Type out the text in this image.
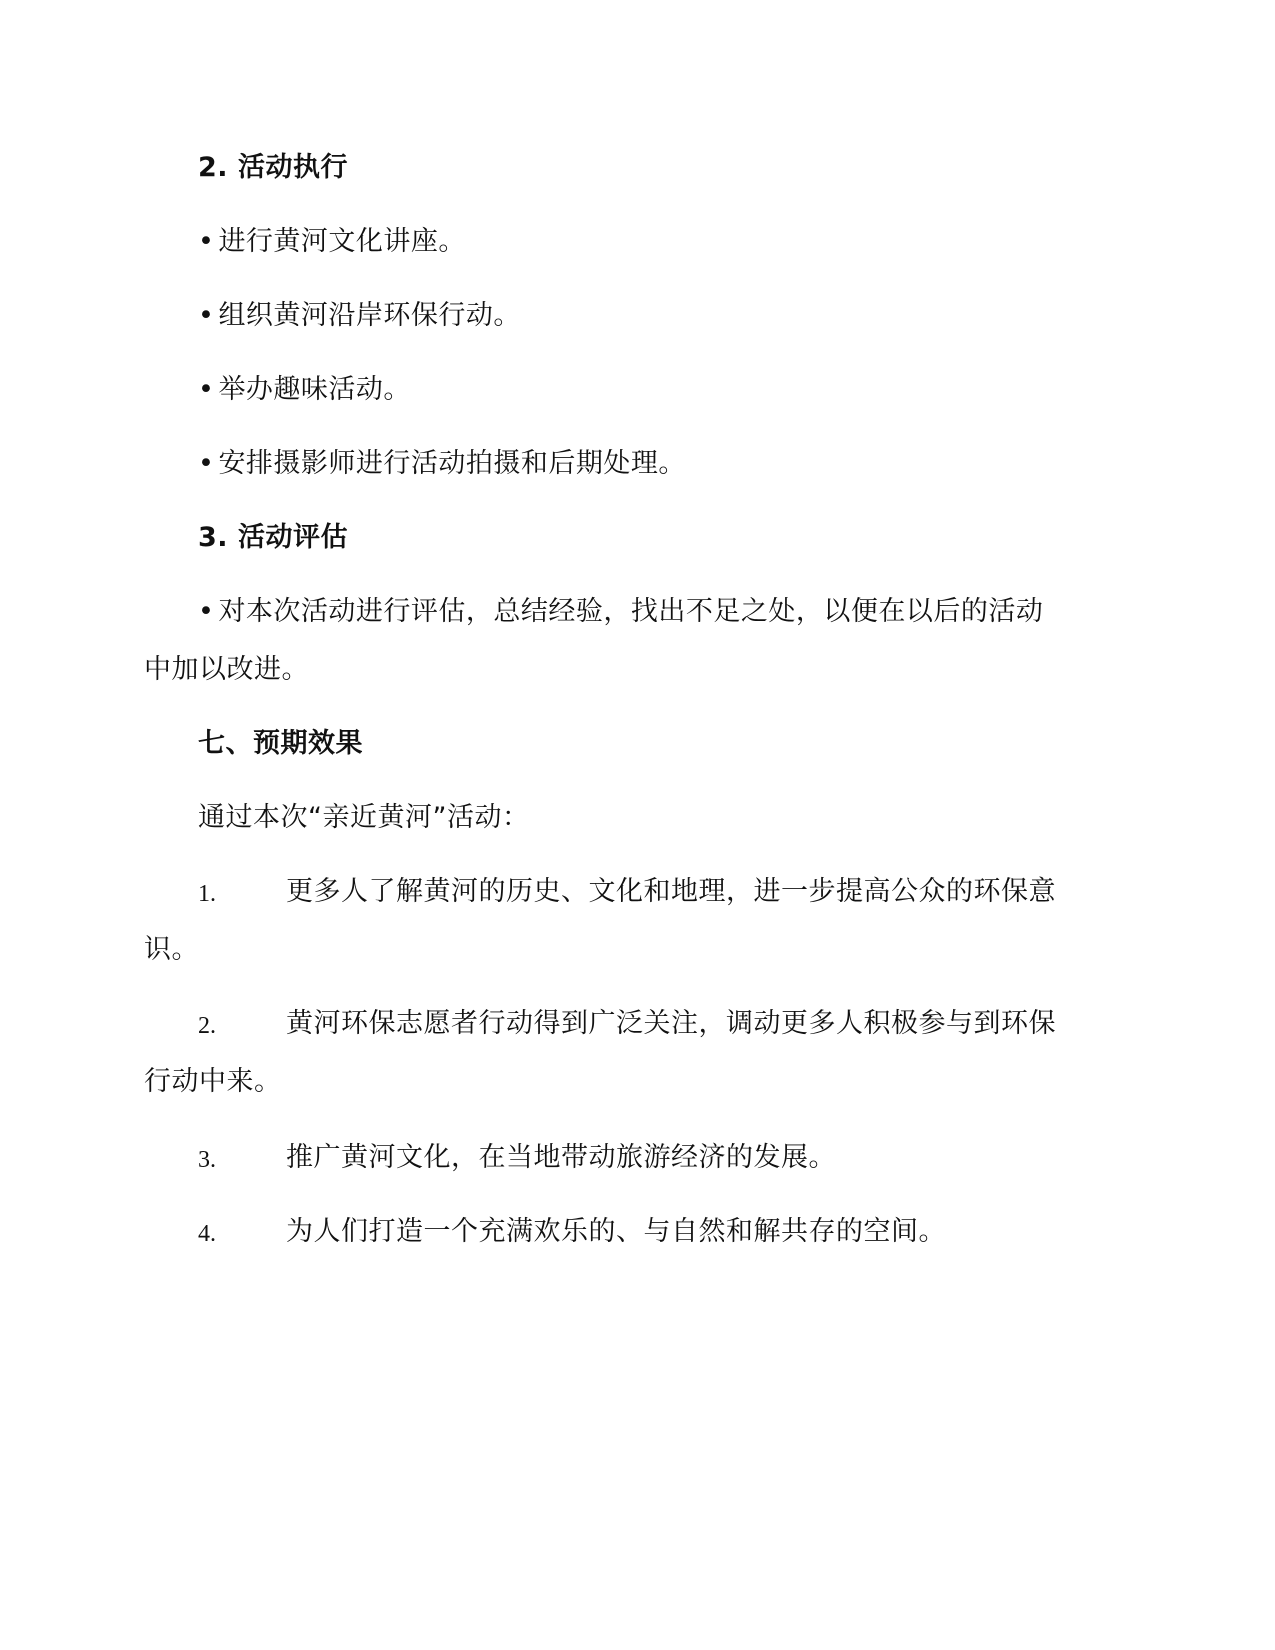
2. 活动执行
• 进行黄河文化讲座。
• 组织黄河沿岸环保行动。
• 举办趣味活动。
• 安排摄影师进行活动拍摄和后期处理。
3. 活动评估
• 对本次活动进行评估，总结经验，找出不足之处，以便在以后的活动
中加以改进。
七、预期效果
通过本次“亲近黄河”活动：
1.	更多人了解黄河的历史、文化和地理，进一步提高公众的环保意
识。
2.	黄河环保志愿者行动得到广泛关注，调动更多人积极参与到环保
行动中来。
3.	推广黄河文化，在当地带动旅游经济的发展。
4.	为人们打造一个充满欢乐的、与自然和解共存的空间。
